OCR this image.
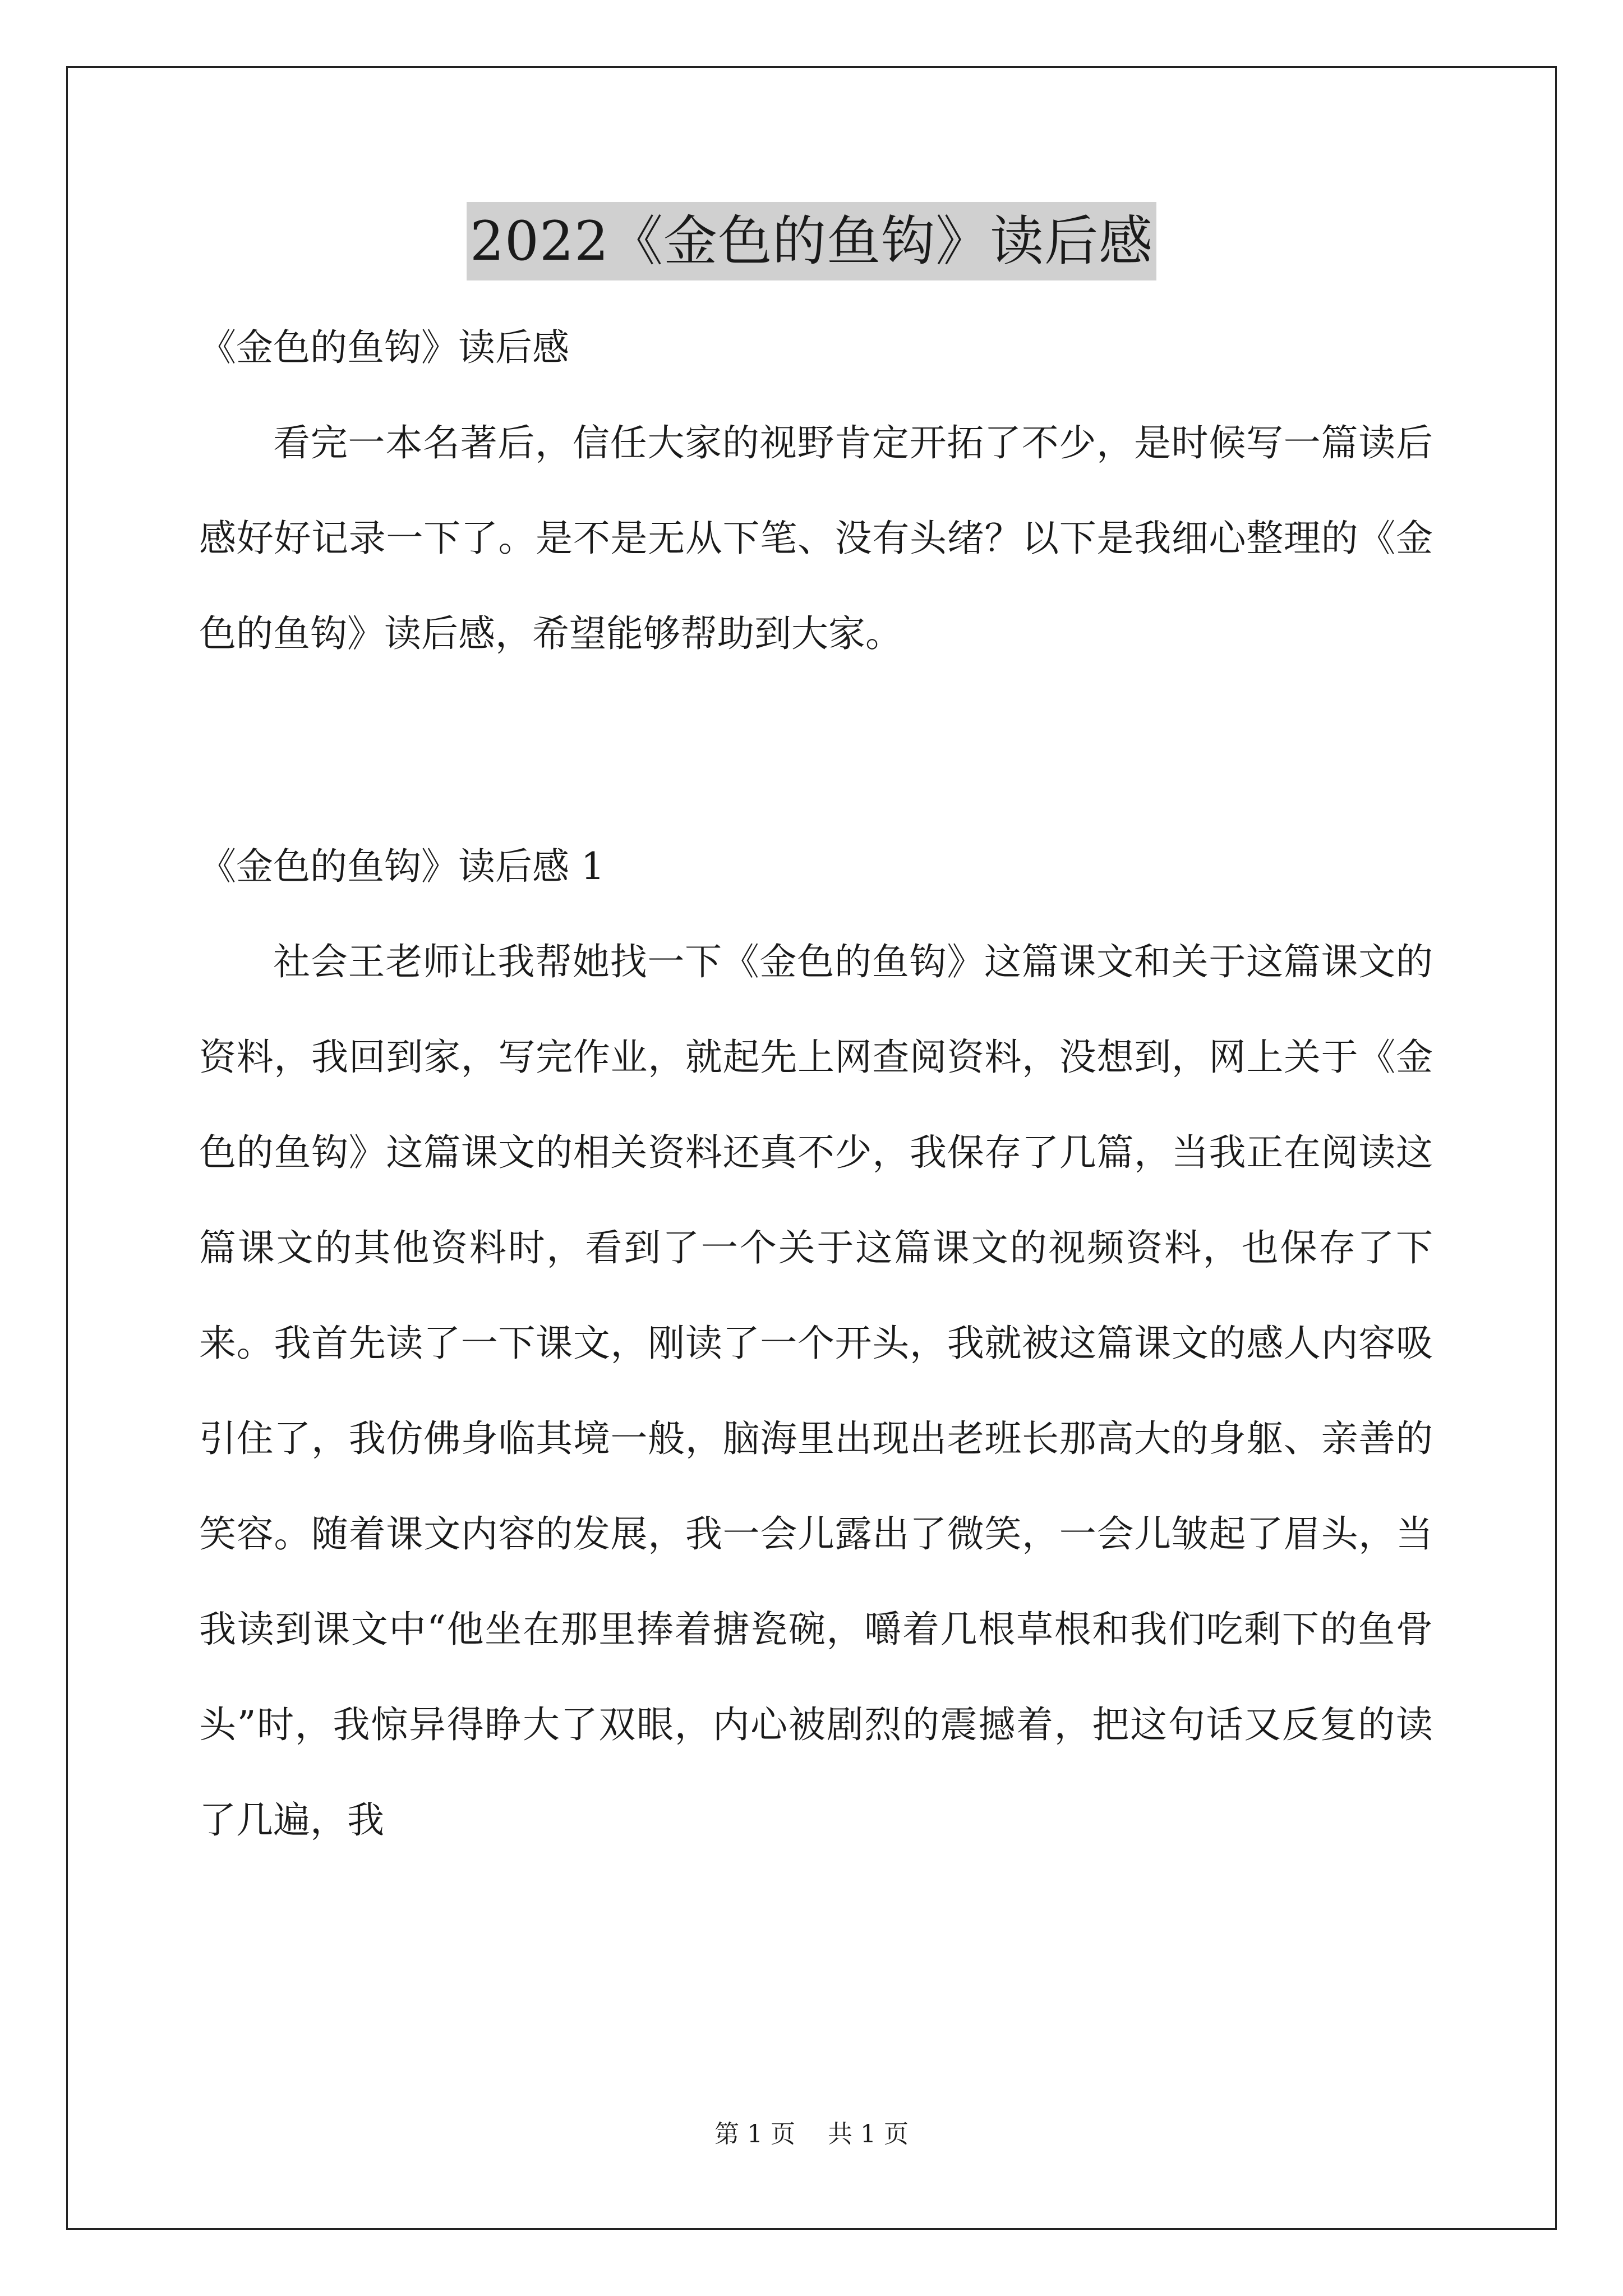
2022《金色的鱼钩》读后感

《金色的鱼钩》读后感

看完一本名著后，信任大家的视野肯定开拓了不少，是时候写一篇读后感好好记录一下了。是不是无从下笔、没有头绪？以下是我细心整理的《金色的鱼钩》读后感，希望能够帮助到大家。

《金色的鱼钩》读后感 1

社会王老师让我帮她找一下《金色的鱼钩》这篇课文和关于这篇课文的资料，我回到家，写完作业，就起先上网查阅资料，没想到，网上关于《金色的鱼钩》这篇课文的相关资料还真不少，我保存了几篇，当我正在阅读这篇课文的其他资料时，看到了一个关于这篇课文的视频资料，也保存了下来。我首先读了一下课文，刚读了一个开头，我就被这篇课文的感人内容吸引住了，我仿佛身临其境一般，脑海里出现出老班长那高大的身躯、亲善的笑容。随着课文内容的发展，我一会儿露出了微笑，一会儿皱起了眉头，当我读到课文中“他坐在那里捧着搪瓷碗，嚼着几根草根和我们吃剩下的鱼骨头”时，我惊异得睁大了双眼，内心被剧烈的震撼着，把这句话又反复的读了几遍，我

第 1 页 共 1 页
